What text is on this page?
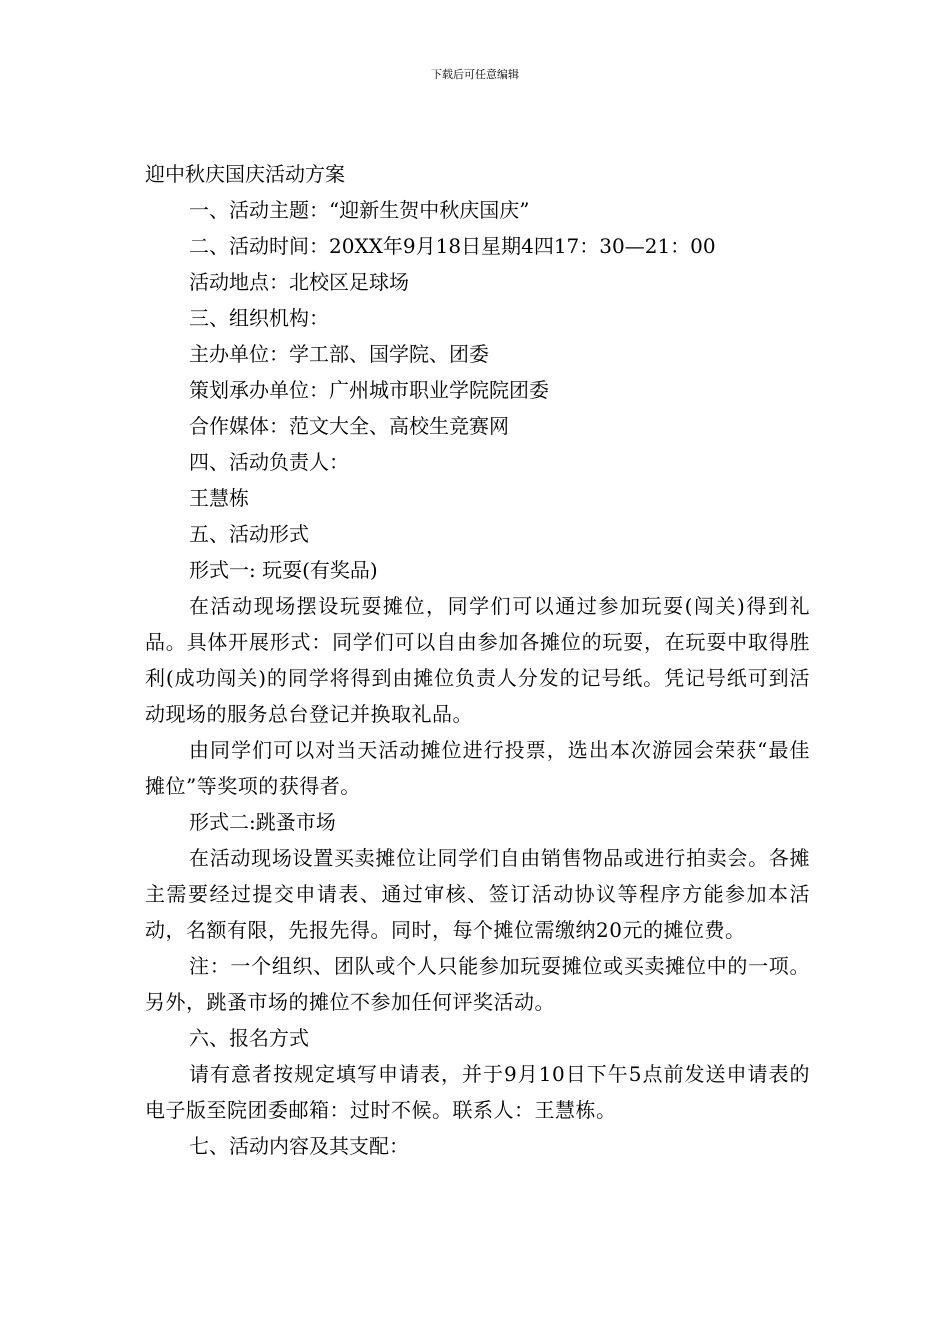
下载后可任意编辑
迎中秋庆国庆活动方案
一、活动主题：“迎新生贺中秋庆国庆”
二、活动时间：20XX年9月18日星期4四17：30—21：00
活动地点：北校区足球场
三、组织机构：
主办单位：学工部、国学院、团委
策划承办单位：广州城市职业学院院团委
合作媒体：范文大全、高校生竞赛网
四、活动负责人：
王慧栋
五、活动形式
形式一: 玩耍(有奖品)

在活动现场摆设玩耍摊位，同学们可以通过参加玩耍(闯关)得到礼品。具体开展形式：同学们可以自由参加各摊位的玩耍，在玩耍中取得胜利(成功闯关)的同学将得到由摊位负责人分发的记号纸。凭记号纸可到活动现场的服务总台登记并换取礼品。

由同学们可以对当天活动摊位进行投票，选出本次游园会荣获“最佳摊位”等奖项的获得者。

形式二:跳蚤市场

在活动现场设置买卖摊位让同学们自由销售物品或进行拍卖会。各摊主需要经过提交申请表、通过审核、签订活动协议等程序方能参加本活动，名额有限，先报先得。同时，每个摊位需缴纳20元的摊位费。

注：一个组织、团队或个人只能参加玩耍摊位或买卖摊位中的一项。另外，跳蚤市场的摊位不参加任何评奖活动。

六、报名方式

请有意者按规定填写申请表，并于9月10日下午5点前发送申请表的电子版至院团委邮箱：过时不候。联系人：王慧栋。

七、活动内容及其支配：
